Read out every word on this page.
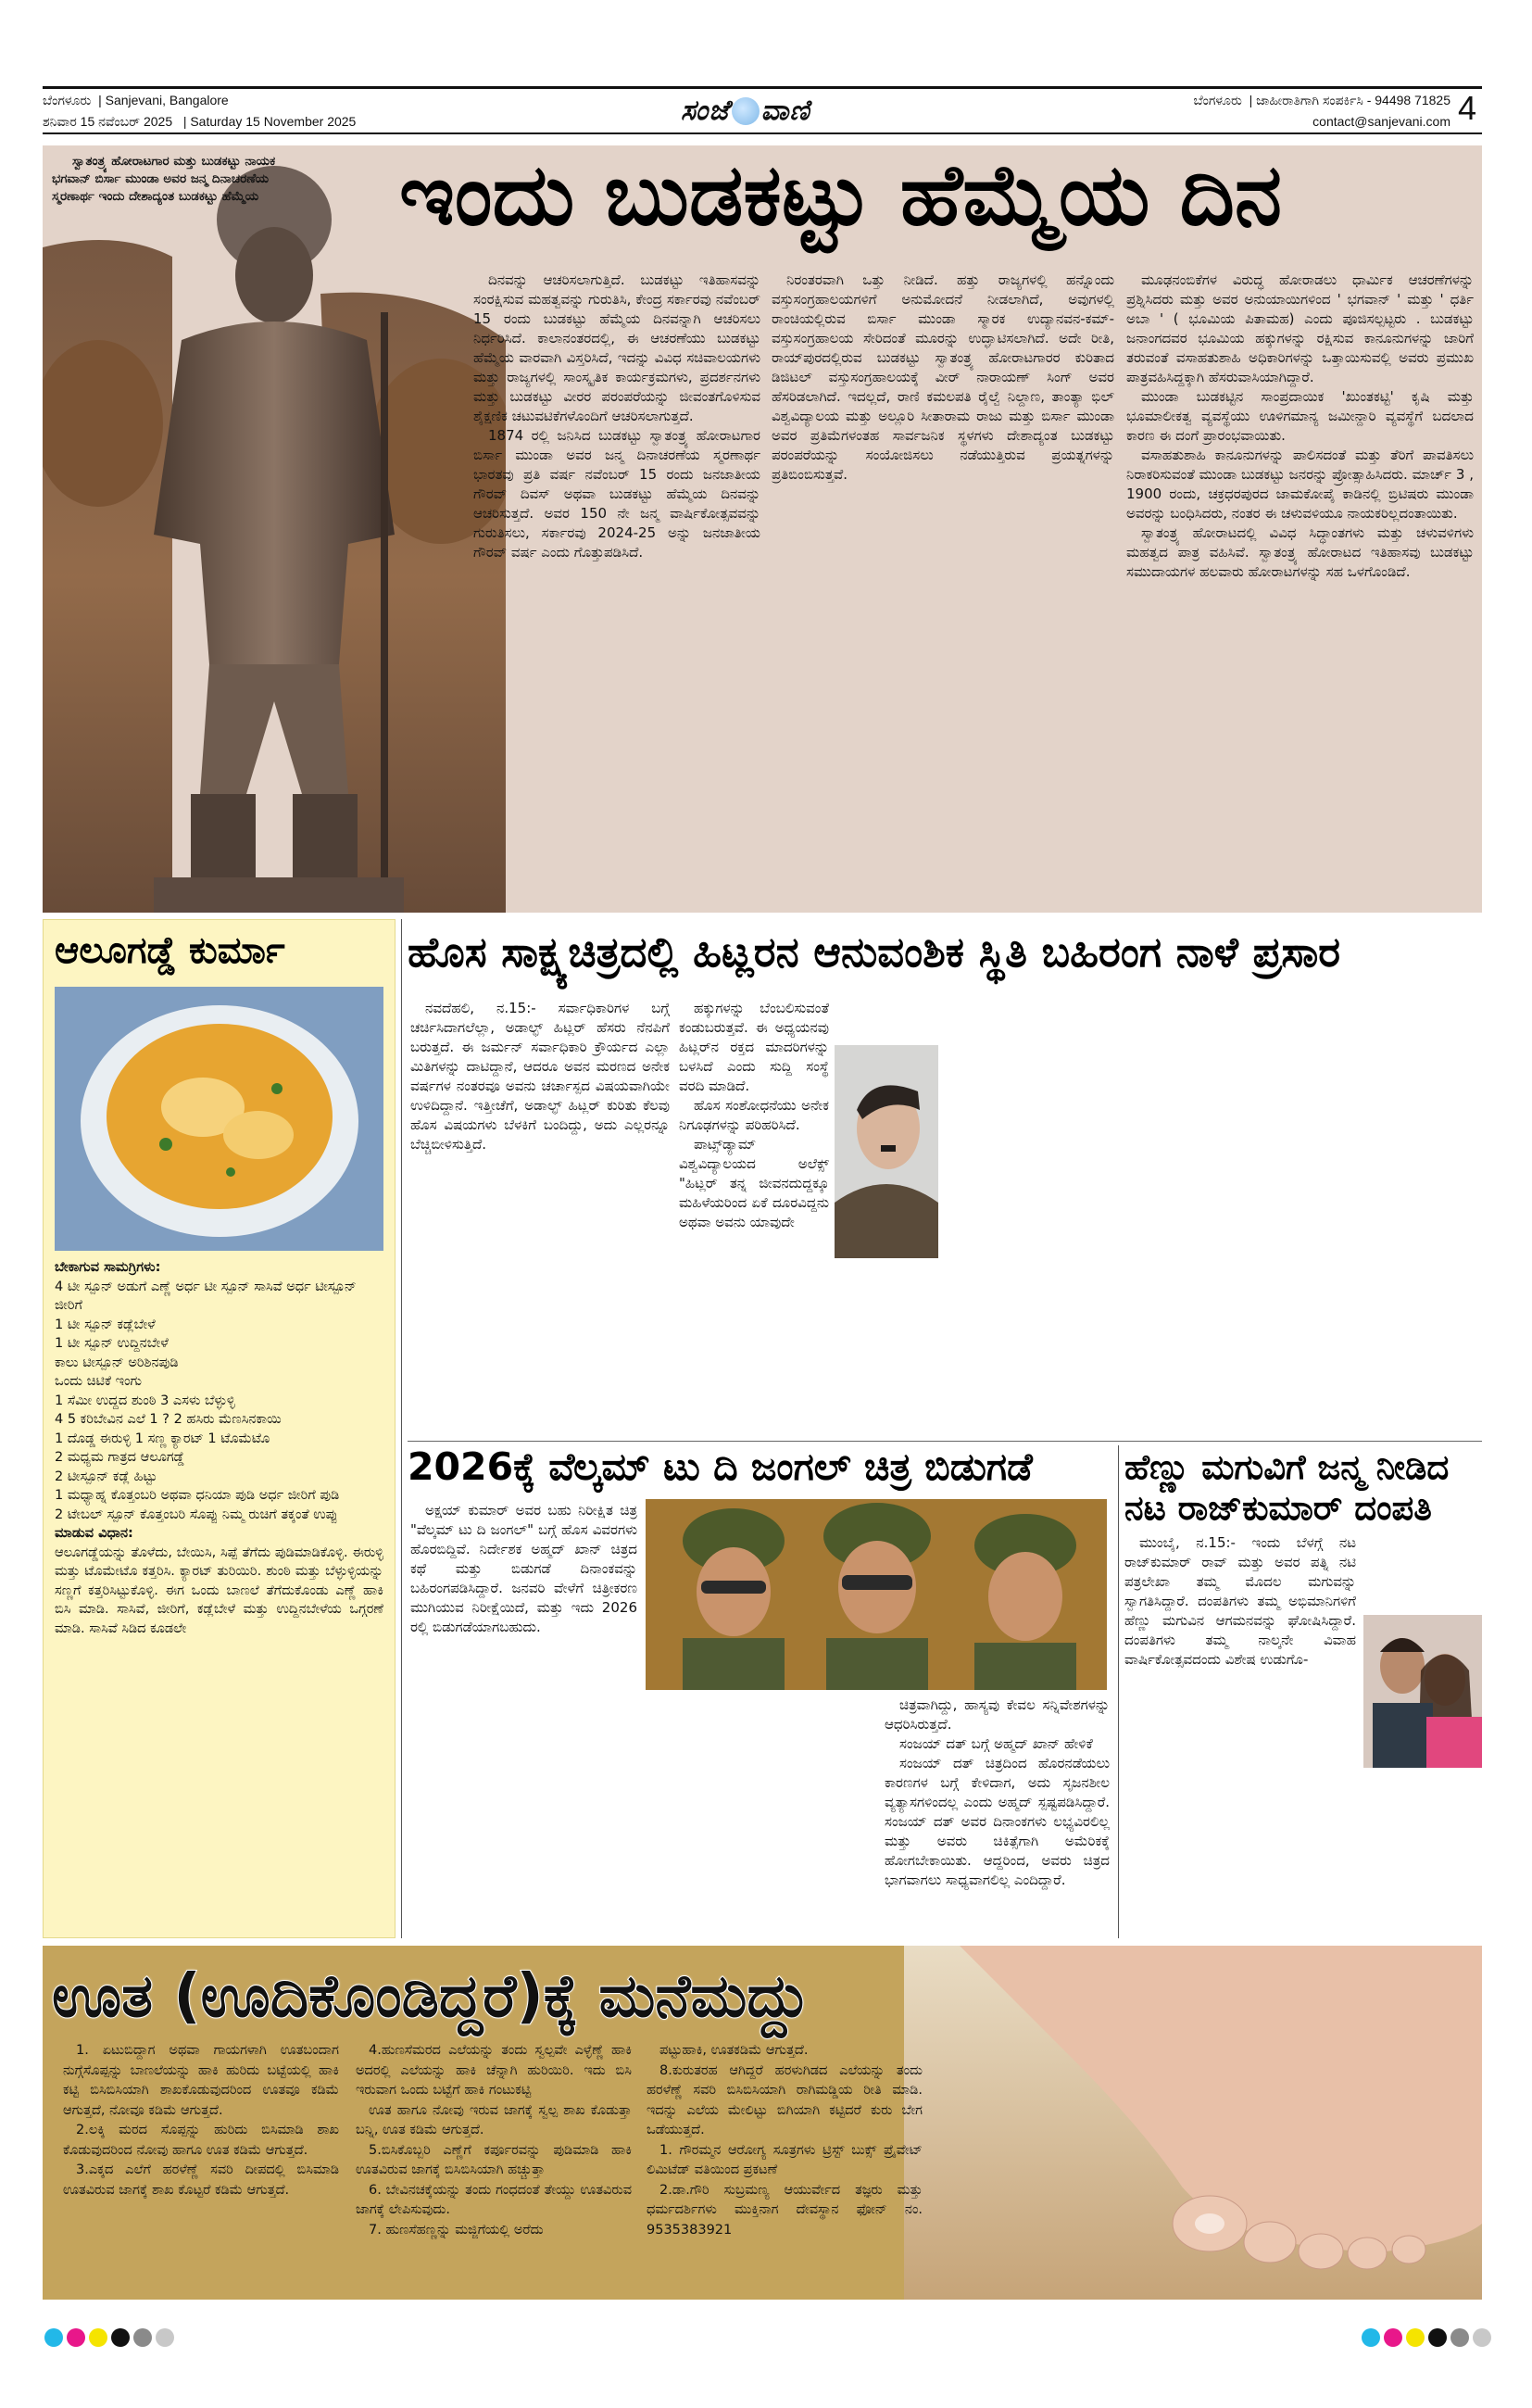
ಬೆಂಗಳೂರು | Sanjevani, Bangalore
ಶನಿವಾರ 15 ನವೆಂಬರ್ 2025 | Saturday 15 November 2025	ಸಂಜೆ ವಾಣಿ	ಬೆಂಗಳೂರು | ಜಾಹೀರಾತಿಗಾಗಿ ಸಂಪರ್ಕಿಸಿ - 94498 71825
contact@sanjevani.com 4
ಸ್ವಾತಂತ್ರ್ಯ ಹೋರಾಟಗಾರ ಮತ್ತು ಬುಡಕಟ್ಟು ನಾಯಕ ಭಗವಾನ್ ಬಿರ್ಸಾ ಮುಂಡಾ ಅವರ ಜನ್ಮ ದಿನಾಚರಣೆಯ ಸ್ಮರಣಾರ್ಥ ಇಂದು ದೇಶಾದ್ಯಂತ ಬುಡಕಟ್ಟು ಹೆಮ್ಮೆಯ	ಇಂದು ಬುಡಕಟ್ಟು ಹೆಮ್ಮೆಯ ದಿನ

ದಿನವನ್ನು ಆಚರಿಸಲಾಗುತ್ತಿದೆ. ಬುಡಕಟ್ಟು ಇತಿಹಾಸವನ್ನು ಸಂರಕ್ಷಿಸುವ ಮಹತ್ವವನ್ನು ಗುರುತಿಸಿ, ಕೇಂದ್ರ ಸರ್ಕಾರವು ನವೆಂಬರ್ 15 ರಂದು ಬುಡಕಟ್ಟು ಹೆಮ್ಮೆಯ ದಿನವನ್ನಾಗಿ ಆಚರಿಸಲು ನಿರ್ಧರಿಸಿದೆ. ಕಾಲಾನಂತರದಲ್ಲಿ, ಈ ಆಚರಣೆಯು ಬುಡಕಟ್ಟು ಹೆಮ್ಮೆಯ ವಾರವಾಗಿ ವಿಸ್ತರಿಸಿದೆ, ಇದನ್ನು ವಿವಿಧ ಸಚಿವಾಲಯಗಳು ಮತ್ತು ರಾಜ್ಯಗಳಲ್ಲಿ ಸಾಂಸ್ಕೃತಿಕ ಕಾರ್ಯಕ್ರಮಗಳು, ಪ್ರದರ್ಶನಗಳು ಮತ್ತು ಬುಡಕಟ್ಟು ವೀರರ ಪರಂಪರೆಯನ್ನು ಜೀವಂತಗೊಳಿಸುವ ಶೈಕ್ಷಣಿಕ ಚಟುವಟಿಕೆಗಳೊಂದಿಗೆ ಆಚರಿಸಲಾಗುತ್ತದೆ.

1874 ರಲ್ಲಿ ಜನಿಸಿದ ಬುಡಕಟ್ಟು ಸ್ವಾತಂತ್ರ್ಯ ಹೋರಾಟಗಾರ ಬಿರ್ಸಾ ಮುಂಡಾ ಅವರ ಜನ್ಮ ದಿನಾಚರಣೆಯ ಸ್ಮರಣಾರ್ಥ ಭಾರತವು ಪ್ರತಿ ವರ್ಷ ನವೆಂಬರ್ 15 ರಂದು ಜನಜಾತೀಯ ಗೌರವ್ ದಿವಸ್ ಅಥವಾ ಬುಡಕಟ್ಟು ಹೆಮ್ಮೆಯ ದಿನವನ್ನು ಆಚರಿಸುತ್ತದೆ. ಅವರ 150 ನೇ ಜನ್ಮ ವಾರ್ಷಿಕೋತ್ಸವವನ್ನು ಗುರುತಿಸಲು, ಸರ್ಕಾರವು 2024-25 ಅನ್ನು ಜನಜಾತೀಯ ಗೌರವ್ ವರ್ಷ ಎಂದು ಗೊತ್ತುಪಡಿಸಿದೆ.

ನಿರಂತರವಾಗಿ ಒತ್ತು ನೀಡಿದೆ. ಹತ್ತು ರಾಜ್ಯಗಳಲ್ಲಿ ಹನ್ನೊಂದು ವಸ್ತುಸಂಗ್ರಹಾಲಯಗಳಿಗೆ ಅನುಮೋದನೆ ನೀಡಲಾಗಿದೆ, ಅವುಗಳಲ್ಲಿ ರಾಂಚಿಯಲ್ಲಿರುವ ಬಿರ್ಸಾ ಮುಂಡಾ ಸ್ಮಾರಕ ಉದ್ಯಾನವನ-ಕಮ್-ವಸ್ತುಸಂಗ್ರಹಾಲಯ ಸೇರಿದಂತೆ ಮೂರನ್ನು ಉದ್ಘಾಟಿಸಲಾಗಿದೆ. ಅದೇ ರೀತಿ, ರಾಯ್‌ಪುರದಲ್ಲಿರುವ ಬುಡಕಟ್ಟು ಸ್ವಾತಂತ್ರ್ಯ ಹೋರಾಟಗಾರರ ಕುರಿತಾದ ಡಿಜಿಟಲ್ ವಸ್ತುಸಂಗ್ರಹಾಲಯಕ್ಕೆ ವೀರ್ ನಾರಾಯಣ್ ಸಿಂಗ್ ಅವರ ಹೆಸರಿಡಲಾಗಿದೆ. ಇದಲ್ಲದೆ, ರಾಣಿ ಕಮಲಪತಿ ರೈಲ್ವೆ ನಿಲ್ದಾಣ, ತಾಂತ್ಯಾ ಭಿಲ್ ವಿಶ್ವವಿದ್ಯಾಲಯ ಮತ್ತು ಅಲ್ಲೂರಿ ಸೀತಾರಾಮ ರಾಜು ಮತ್ತು ಬಿರ್ಸಾ ಮುಂಡಾ ಅವರ ಪ್ರತಿಮೆಗಳಂತಹ ಸಾರ್ವಜನಿಕ ಸ್ಥಳಗಳು ದೇಶಾದ್ಯಂತ ಬುಡಕಟ್ಟು ಪರಂಪರೆಯನ್ನು ಸಂಯೋಜಿಸಲು ನಡೆಯುತ್ತಿರುವ ಪ್ರಯತ್ನಗಳನ್ನು ಪ್ರತಿಬಿಂಬಿಸುತ್ತವೆ.

ಮೂಢನಂಬಿಕೆಗಳ ವಿರುದ್ಧ ಹೋರಾಡಲು ಧಾರ್ಮಿಕ ಆಚರಣೆಗಳನ್ನು ಪ್ರಶ್ನಿಸಿದರು ಮತ್ತು ಅವರ ಅನುಯಾಯಿಗಳಿಂದ ' ಭಗವಾನ್ ' ಮತ್ತು ' ಧರ್ತಿ ಅಬಾ ' ( ಭೂಮಿಯ ಪಿತಾಮಹ) ಎಂದು ಪೂಜಿಸಲ್ಪಟ್ಟರು . ಬುಡಕಟ್ಟು ಜನಾಂಗದವರ ಭೂಮಿಯ ಹಕ್ಕುಗಳನ್ನು ರಕ್ಷಿಸುವ ಕಾನೂನುಗಳನ್ನು ಜಾರಿಗೆ ತರುವಂತೆ ವಸಾಹತುಶಾಹಿ ಅಧಿಕಾರಿಗಳನ್ನು ಒತ್ತಾಯಿಸುವಲ್ಲಿ ಅವರು ಪ್ರಮುಖ ಪಾತ್ರವಹಿಸಿದ್ದಕ್ಕಾಗಿ ಹೆಸರುವಾಸಿಯಾಗಿದ್ದಾರೆ.

ಮುಂಡಾ ಬುಡಕಟ್ಟಿನ ಸಾಂಪ್ರದಾಯಿಕ 'ಖುಂತಕಟ್ಟಿ' ಕೃಷಿ ಮತ್ತು ಭೂಮಾಲೀಕತ್ವ ವ್ಯವಸ್ಥೆಯು ಊಳಿಗಮಾನ್ಯ ಜಮೀನ್ದಾರಿ ವ್ಯವಸ್ಥೆಗೆ ಬದಲಾದ ಕಾರಣ ಈ ದಂಗೆ ಪ್ರಾರಂಭವಾಯಿತು.

ವಸಾಹತುಶಾಹಿ ಕಾನೂನುಗಳನ್ನು ಪಾಲಿಸದಂತೆ ಮತ್ತು ತೆರಿಗೆ ಪಾವತಿಸಲು ನಿರಾಕರಿಸುವಂತೆ ಮುಂಡಾ ಬುಡಕಟ್ಟು ಜನರನ್ನು ಪ್ರೋತ್ಸಾಹಿಸಿದರು. ಮಾರ್ಚ್ 3 , 1900 ರಂದು, ಚಕ್ರಧರಪುರದ ಜಾಮಕೋಪೈ ಕಾಡಿನಲ್ಲಿ ಬ್ರಿಟಿಷರು ಮುಂಡಾ ಅವರನ್ನು ಬಂಧಿಸಿದರು, ನಂತರ ಈ ಚಳುವಳಿಯೂ ನಾಯಕರಿಲ್ಲದಂತಾಯಿತು.

ಸ್ವಾತಂತ್ರ್ಯ ಹೋರಾಟದಲ್ಲಿ ವಿವಿಧ ಸಿದ್ಧಾಂತಗಳು ಮತ್ತು ಚಳುವಳಿಗಳು ಮಹತ್ವದ ಪಾತ್ರ ವಹಿಸಿವೆ. ಸ್ವಾತಂತ್ರ್ಯ ಹೋರಾಟದ ಇತಿಹಾಸವು ಬುಡಕಟ್ಟು ಸಮುದಾಯಗಳ ಹಲವಾರು ಹೋರಾಟಗಳನ್ನು ಸಹ ಒಳಗೊಂಡಿದೆ.

ಆಲೂಗಡ್ಡೆ ಕುರ್ಮಾ

ಬೇಕಾಗುವ ಸಾಮಗ್ರಿಗಳು:

4 ಟೀ ಸ್ಪೂನ್ ಅಡುಗೆ ಎಣ್ಣೆ ಅರ್ಧ ಟೀ ಸ್ಪೂನ್ ಸಾಸಿವೆ ಅರ್ಧ ಟೀಸ್ಪೂನ್ ಜೀರಿಗೆ

1 ಟೀ ಸ್ಪೂನ್ ಕಡ್ಲೆಬೇಳೆ

1 ಟೀ ಸ್ಪೂನ್ ಉದ್ದಿನಬೇಳೆ

ಕಾಲು ಟೀಸ್ಪೂನ್ ಅರಿಶಿನಪುಡಿ

ಒಂದು ಚಿಟಿಕೆ ಇಂಗು

1 ಸೆಮೀ ಉದ್ದದ ಶುಂಠಿ 3 ಎಸಳು ಬೆಳ್ಳುಳ್ಳಿ

4 5 ಕರಿಬೇವಿನ ಎಲೆ 1 ? 2 ಹಸಿರು ಮೆಣಸಿನಕಾಯಿ

1 ದೊಡ್ಡ ಈರುಳ್ಳಿ 1 ಸಣ್ಣ ಕ್ಯಾರಟ್ 1 ಟೊಮೆಟೊ

2 ಮಧ್ಯಮ ಗಾತ್ರದ ಆಲೂಗಡ್ಡೆ

2 ಟೀಸ್ಪೂನ್ ಕಡ್ಲೆ ಹಿಟ್ಟು

1 ಮಧ್ಯಾಹ್ನ ಕೊತ್ತಂಬರಿ ಅಥವಾ ಧನಿಯಾ ಪುಡಿ ಅರ್ಧ ಜೀರಿಗೆ ಪುಡಿ

2 ಟೇಬಲ್ ಸ್ಪೂನ್ ಕೊತ್ತಂಬರಿ ಸೊಪ್ಪು ನಿಮ್ಮ ರುಚಿಗೆ ತಕ್ಕಂತೆ ಉಪ್ಪು

ಮಾಡುವ ವಿಧಾನ:

ಆಲೂಗಡ್ಡೆಯನ್ನು ತೊಳೆದು, ಬೇಯಿಸಿ, ಸಿಪ್ಪೆ ತೆಗೆದು ಪುಡಿಮಾಡಿಕೊಳ್ಳಿ. ಈರುಳ್ಳಿ ಮತ್ತು ಟೊಮೇಟೊ ಕತ್ತರಿಸಿ. ಕ್ಯಾರಟ್ ತುರಿಯಿರಿ. ಶುಂಠಿ ಮತ್ತು ಬೆಳ್ಳುಳ್ಳಿಯನ್ನು ಸಣ್ಣಗೆ ಕತ್ತರಿಸಿಟ್ಟುಕೊಳ್ಳಿ. ಈಗ ಒಂದು ಬಾಣಲೆ ತೆಗೆದುಕೊಂಡು ಎಣ್ಣೆ ಹಾಕಿ ಬಿಸಿ ಮಾಡಿ. ಸಾಸಿವೆ, ಜೀರಿಗೆ, ಕಡ್ಲೆಬೇಳೆ ಮತ್ತು ಉದ್ದಿನಬೇಳೆಯ ಒಗ್ಗರಣೆ ಮಾಡಿ. ಸಾಸಿವೆ ಸಿಡಿದ ಕೂಡಲೇ

ಹೊಸ ಸಾಕ್ಷ್ಯಚಿತ್ರದಲ್ಲಿ ಹಿಟ್ಲರನ ಆನುವಂಶಿಕ ಸ್ಥಿತಿ ಬಹಿರಂಗ ನಾಳೆ ಪ್ರಸಾರ

ನವದೆಹಲಿ, ನ.15:- ಸರ್ವಾಧಿಕಾರಿಗಳ ಬಗ್ಗೆ ಚರ್ಚಿಸಿದಾಗಲೆಲ್ಲಾ, ಅಡಾಲ್ಫ್ ಹಿಟ್ಲರ್ ಹೆಸರು ನೆನಪಿಗೆ ಬರುತ್ತದೆ. ಈ ಜರ್ಮನ್ ಸರ್ವಾಧಿಕಾರಿ ಕ್ರೌರ್ಯದ ಎಲ್ಲಾ ಮಿತಿಗಳನ್ನು ದಾಟಿದ್ದಾನೆ, ಆದರೂ ಅವನ ಮರಣದ ಅನೇಕ ವರ್ಷಗಳ ನಂತರವೂ ಅವನು ಚರ್ಚಾಸ್ಪದ ವಿಷಯವಾಗಿಯೇ ಉಳಿದಿದ್ದಾನೆ. ಇತ್ತೀಚೆಗೆ, ಅಡಾಲ್ಫ್ ಹಿಟ್ಲರ್ ಕುರಿತು ಕೆಲವು ಹೊಸ ವಿಷಯಗಳು ಬೆಳಕಿಗೆ ಬಂದಿದ್ದು, ಅದು ಎಲ್ಲರನ್ನೂ ಬೆಚ್ಚಿಬೀಳಿಸುತ್ತಿದೆ.

ಹಕ್ಕುಗಳನ್ನು ಬೆಂಬಲಿಸುವಂತೆ ಕಂಡುಬರುತ್ತವೆ. ಈ ಅಧ್ಯಯನವು ಹಿಟ್ಲರ್‌ನ ರಕ್ತದ ಮಾದರಿಗಳನ್ನು ಬಳಸಿದೆ ಎಂದು ಸುದ್ದಿ ಸಂಸ್ಥೆ ವರದಿ ಮಾಡಿದೆ.

ಹೊಸ ಸಂಶೋಧನೆಯು ಅನೇಕ ನಿಗೂಢಗಳನ್ನು ಪರಿಹರಿಸಿದೆ.

ಪಾಟ್ಸ್‌ಡ್ಯಾಮ್ ವಿಶ್ವವಿದ್ಯಾಲಯದ ಅಲೆಕ್ಸ್ "ಹಿಟ್ಲರ್ ತನ್ನ ಜೀವನದುದ್ದಕ್ಕೂ ಮಹಿಳೆಯರಿಂದ ಏಕೆ ದೂರವಿದ್ದನು ಅಥವಾ ಅವನು ಯಾವುದೇ

2026ಕ್ಕೆ ವೆಲ್ಕಮ್ ಟು ದಿ ಜಂಗಲ್ ಚಿತ್ರ ಬಿಡುಗಡೆ

ಅಕ್ಷಯ್ ಕುಮಾರ್ ಅವರ ಬಹು ನಿರೀಕ್ಷಿತ ಚಿತ್ರ "ವೆಲ್ಕಮ್ ಟು ದಿ ಜಂಗಲ್" ಬಗ್ಗೆ ಹೊಸ ವಿವರಗಳು ಹೊರಬಿದ್ದಿವೆ. ನಿರ್ದೇಶಕ ಅಹ್ಮದ್ ಖಾನ್ ಚಿತ್ರದ ಕಥೆ ಮತ್ತು ಬಿಡುಗಡೆ ದಿನಾಂಕವನ್ನು ಬಹಿರಂಗಪಡಿಸಿದ್ದಾರೆ. ಜನವರಿ ವೇಳೆಗೆ ಚಿತ್ರೀಕರಣ ಮುಗಿಯುವ ನಿರೀಕ್ಷೆಯಿದೆ, ಮತ್ತು ಇದು 2026 ರಲ್ಲಿ ಬಿಡುಗಡೆಯಾಗಬಹುದು.

ಚಿತ್ರವಾಗಿದ್ದು, ಹಾಸ್ಯವು ಕೇವಲ ಸನ್ನಿವೇಶಗಳನ್ನು ಆಧರಿಸಿರುತ್ತದೆ.

ಸಂಜಯ್ ದತ್ ಬಗ್ಗೆ ಅಹ್ಮದ್ ಖಾನ್ ಹೇಳಿಕೆ

ಸಂಜಯ್ ದತ್ ಚಿತ್ರದಿಂದ ಹೊರನಡೆಯಲು ಕಾರಣಗಳ ಬಗ್ಗೆ ಕೇಳಿದಾಗ, ಅದು ಸೃಜನಶೀಲ ವ್ಯತ್ಯಾಸಗಳಿಂದಲ್ಲ ಎಂದು ಅಹ್ಮದ್ ಸ್ಪಷ್ಟಪಡಿಸಿದ್ದಾರೆ. ಸಂಜಯ್ ದತ್ ಅವರ ದಿನಾಂಕಗಳು ಲಭ್ಯವಿರಲಿಲ್ಲ ಮತ್ತು ಅವರು ಚಿಕಿತ್ಸೆಗಾಗಿ ಅಮೆರಿಕಕ್ಕೆ ಹೋಗಬೇಕಾಯಿತು. ಆದ್ದರಿಂದ, ಅವರು ಚಿತ್ರದ ಭಾಗವಾಗಲು ಸಾಧ್ಯವಾಗಲಿಲ್ಲ ಎಂದಿದ್ದಾರೆ.

ಹೆಣ್ಣು ಮಗುವಿಗೆ ಜನ್ಮ ನೀಡಿದ
ನಟ ರಾಜ್‌ಕುಮಾರ್ ದಂಪತಿ

ಮುಂಬೈ, ನ.15:- ಇಂದು ಬೆಳಗ್ಗೆ ನಟ ರಾಜ್‌ಕುಮಾರ್ ರಾವ್ ಮತ್ತು ಅವರ ಪತ್ನಿ ನಟಿ ಪತ್ರಲೇಖಾ ತಮ್ಮ ಮೊದಲ ಮಗುವನ್ನು ಸ್ವಾಗತಿಸಿದ್ದಾರೆ. ದಂಪತಿಗಳು ತಮ್ಮ ಅಭಿಮಾನಿಗಳಿಗೆ ಹೆಣ್ಣು ಮಗುವಿನ ಆಗಮನವನ್ನು ಘೋಷಿಸಿದ್ದಾರೆ. ದಂಪತಿಗಳು ತಮ್ಮ ನಾಲ್ಕನೇ ವಿವಾಹ ವಾರ್ಷಿಕೋತ್ಸವದಂದು ವಿಶೇಷ ಉಡುಗೊ-

ಊತ (ಊದಿಕೊಂಡಿದ್ದರೆ)ಕ್ಕೆ ಮನೆಮದ್ದು

1. ಏಟುಬಿದ್ದಾಗ ಅಥವಾ ಗಾಯಗಳಾಗಿ ಊತಬಂದಾಗ ನುಗ್ಗೆಸೊಪ್ಪನ್ನು ಬಾಣಲೆಯನ್ನು ಹಾಕಿ ಹುರಿದು ಬಟ್ಟೆಯಲ್ಲಿ ಹಾಕಿ ಕಟ್ಟಿ ಬಿಸಿಬಿಸಿಯಾಗಿ ಶಾಖಕೊಡುವುದರಿಂದ ಊತವೂ ಕಡಿಮೆ ಆಗುತ್ತದೆ, ನೋವೂ ಕಡಿಮೆ ಆಗುತ್ತದೆ.

2.ಲಕ್ಕಿ ಮರದ ಸೊಪ್ಪನ್ನು ಹುರಿದು ಬಿಸಿಮಾಡಿ ಶಾಖ ಕೊಡುವುದರಿಂದ ನೋವು ಹಾಗೂ ಊತ ಕಡಿಮೆ ಆಗುತ್ತದೆ.

3.ಎಕ್ಕದ ಎಲೆಗೆ ಹರಳೆಣ್ಣೆ ಸವರಿ ದೀಪದಲ್ಲಿ ಬಿಸಿಮಾಡಿ ಊತವಿರುವ ಜಾಗಕ್ಕೆ ಶಾಖ ಕೊಟ್ಟರೆ ಕಡಿಮೆ ಆಗುತ್ತದೆ.

4.ಹುಣಸೆಮರದ ಎಲೆಯನ್ನು ತಂದು ಸ್ವಲ್ಪವೇ ಎಳ್ಳೆಣ್ಣೆ ಹಾಕಿ ಅದರಲ್ಲಿ ಎಲೆಯನ್ನು ಹಾಕಿ ಚೆನ್ನಾಗಿ ಹುರಿಯಿರಿ. ಇದು ಬಿಸಿ ಇರುವಾಗ ಒಂದು ಬಟ್ಟೆಗೆ ಹಾಕಿ ಗಂಟುಕಟ್ಟಿ

ಊತ ಹಾಗೂ ನೋವು ಇರುವ ಜಾಗಕ್ಕೆ ಸ್ವಲ್ಪ ಶಾಖ ಕೊಡುತ್ತಾ ಬನ್ನಿ, ಊತ ಕಡಿಮೆ ಆಗುತ್ತದೆ.

5.ಬಿಸಿಕೊಬ್ಬರಿ ಎಣ್ಣೆಗೆ ಕರ್ಪೂರವನ್ನು ಪುಡಿಮಾಡಿ ಹಾಕಿ ಊತವಿರುವ ಜಾಗಕ್ಕೆ ಬಿಸಿಬಿಸಿಯಾಗಿ ಹಚ್ಚುತ್ತಾ

6. ಬೇವಿನಚಕ್ಕೆಯನ್ನು ತಂದು ಗಂಧದಂತೆ ತೇಯ್ದು ಊತವಿರುವ ಜಾಗಕ್ಕೆ ಲೇಪಿಸುವುದು.

7. ಹುಣಸೆಹಣ್ಣನ್ನು ಮಜ್ಜಿಗೆಯಲ್ಲಿ ಅರೆದು

ಪಟ್ಟುಹಾಕಿ, ಊತಕಡಿಮೆ ಆಗುತ್ತದೆ.

8.ಕುರುತರಹ ಆಗಿದ್ದರೆ ಹರಳುಗಿಡದ ಎಲೆಯನ್ನು ತಂದು ಹರಳೆಣ್ಣೆ ಸವರಿ ಬಿಸಿಬಿಸಿಯಾಗಿ ರಾಗಿಮಡ್ಡಿಯ ರೀತಿ ಮಾಡಿ. ಇದನ್ನು ಎಲೆಯ ಮೇಲಿಟ್ಟು ಬಿಗಿಯಾಗಿ ಕಟ್ಟಿದರೆ ಕುರು ಬೇಗ ಒಡೆಯುತ್ತದೆ.

1. ಗೌರಮ್ಮನ ಆರೋಗ್ಯ ಸೂತ್ರಗಳು ಟ್ರಿಸ್ಟ್ ಬುಕ್ಸ್ ಪ್ರೈವೇಟ್ ಲಿಮಿಟೆಡ್ ವತಿಯಿಂದ ಪ್ರಕಟಣೆ

2.ಡಾ.ಗೌರಿ ಸುಬ್ರಮಣ್ಯ ಆಯುರ್ವೇದ ತಜ್ಞರು ಮತ್ತು ಧರ್ಮದರ್ಶಿಗಳು ಮುಕ್ತಿನಾಗ ದೇವಸ್ಥಾನ ಫೋನ್ ನಂ. 9535383921
